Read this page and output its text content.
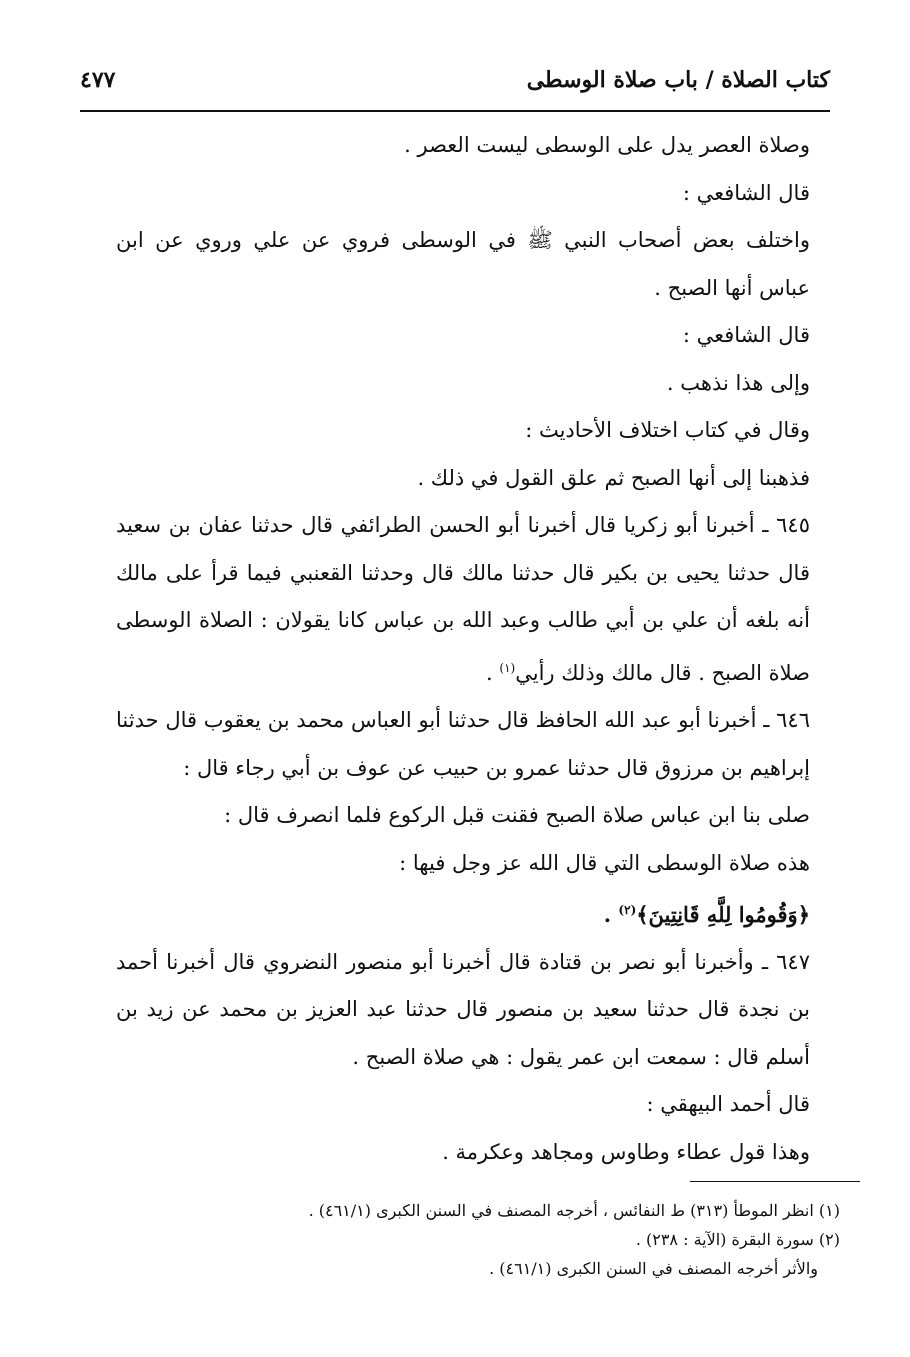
كتاب الصلاة / باب صلاة الوسطى
٤٧٧

وصلاة العصر يدل على الوسطى ليست العصر .

قال الشافعي :

واختلف بعض أصحاب النبي ﷺ في الوسطى فروي عن علي وروي عن ابن عباس أنها الصبح .

قال الشافعي :

وإلى هذا نذهب .

وقال في كتاب اختلاف الأحاديث :

فذهبنا إلى أنها الصبح ثم علق القول في ذلك .

٦٤٥ ـ أخبرنا أبو زكريا قال أخبرنا أبو الحسن الطرائفي قال حدثنا عفان بن سعيد قال حدثنا يحيى بن بكير قال حدثنا مالك قال وحدثنا القعنبي فيما قرأ على مالك أنه بلغه أن علي بن أبي طالب وعبد الله بن عباس كانا يقولان : الصلاة الوسطى صلاة الصبح . قال مالك وذلك رأيي$^{(١)}$ .

٦٤٦ ـ أخبرنا أبو عبد الله الحافظ قال حدثنا أبو العباس محمد بن يعقوب قال حدثنا إبراهيم بن مرزوق قال حدثنا عمرو بن حبيب عن عوف بن أبي رجاء قال :

صلى بنا ابن عباس صلاة الصبح فقنت قبل الركوع فلما انصرف قال :

هذه صلاة الوسطى التي قال الله عز وجل فيها :

﴿وَقُومُوا لِلَّهِ قَانِتِينَ﴾$^{(٢)}$ .

٦٤٧ ـ وأخبرنا أبو نصر بن قتادة قال أخبرنا أبو منصور النضروي قال أخبرنا أحمد بن نجدة قال حدثنا سعيد بن منصور قال حدثنا عبد العزيز بن محمد عن زيد بن أسلم قال : سمعت ابن عمر يقول : هي صلاة الصبح .

قال أحمد البيهقي :

وهذا قول عطاء وطاوس ومجاهد وعكرمة .

(١) انظر الموطأ (٣١٣) ط النفائس ، أخرجه المصنف في السنن الكبرى (٤٦١/١) .

(٢) سورة البقرة (الآية : ٢٣٨) .

والأثر أخرجه المصنف في السنن الكبرى (٤٦١/١) .
